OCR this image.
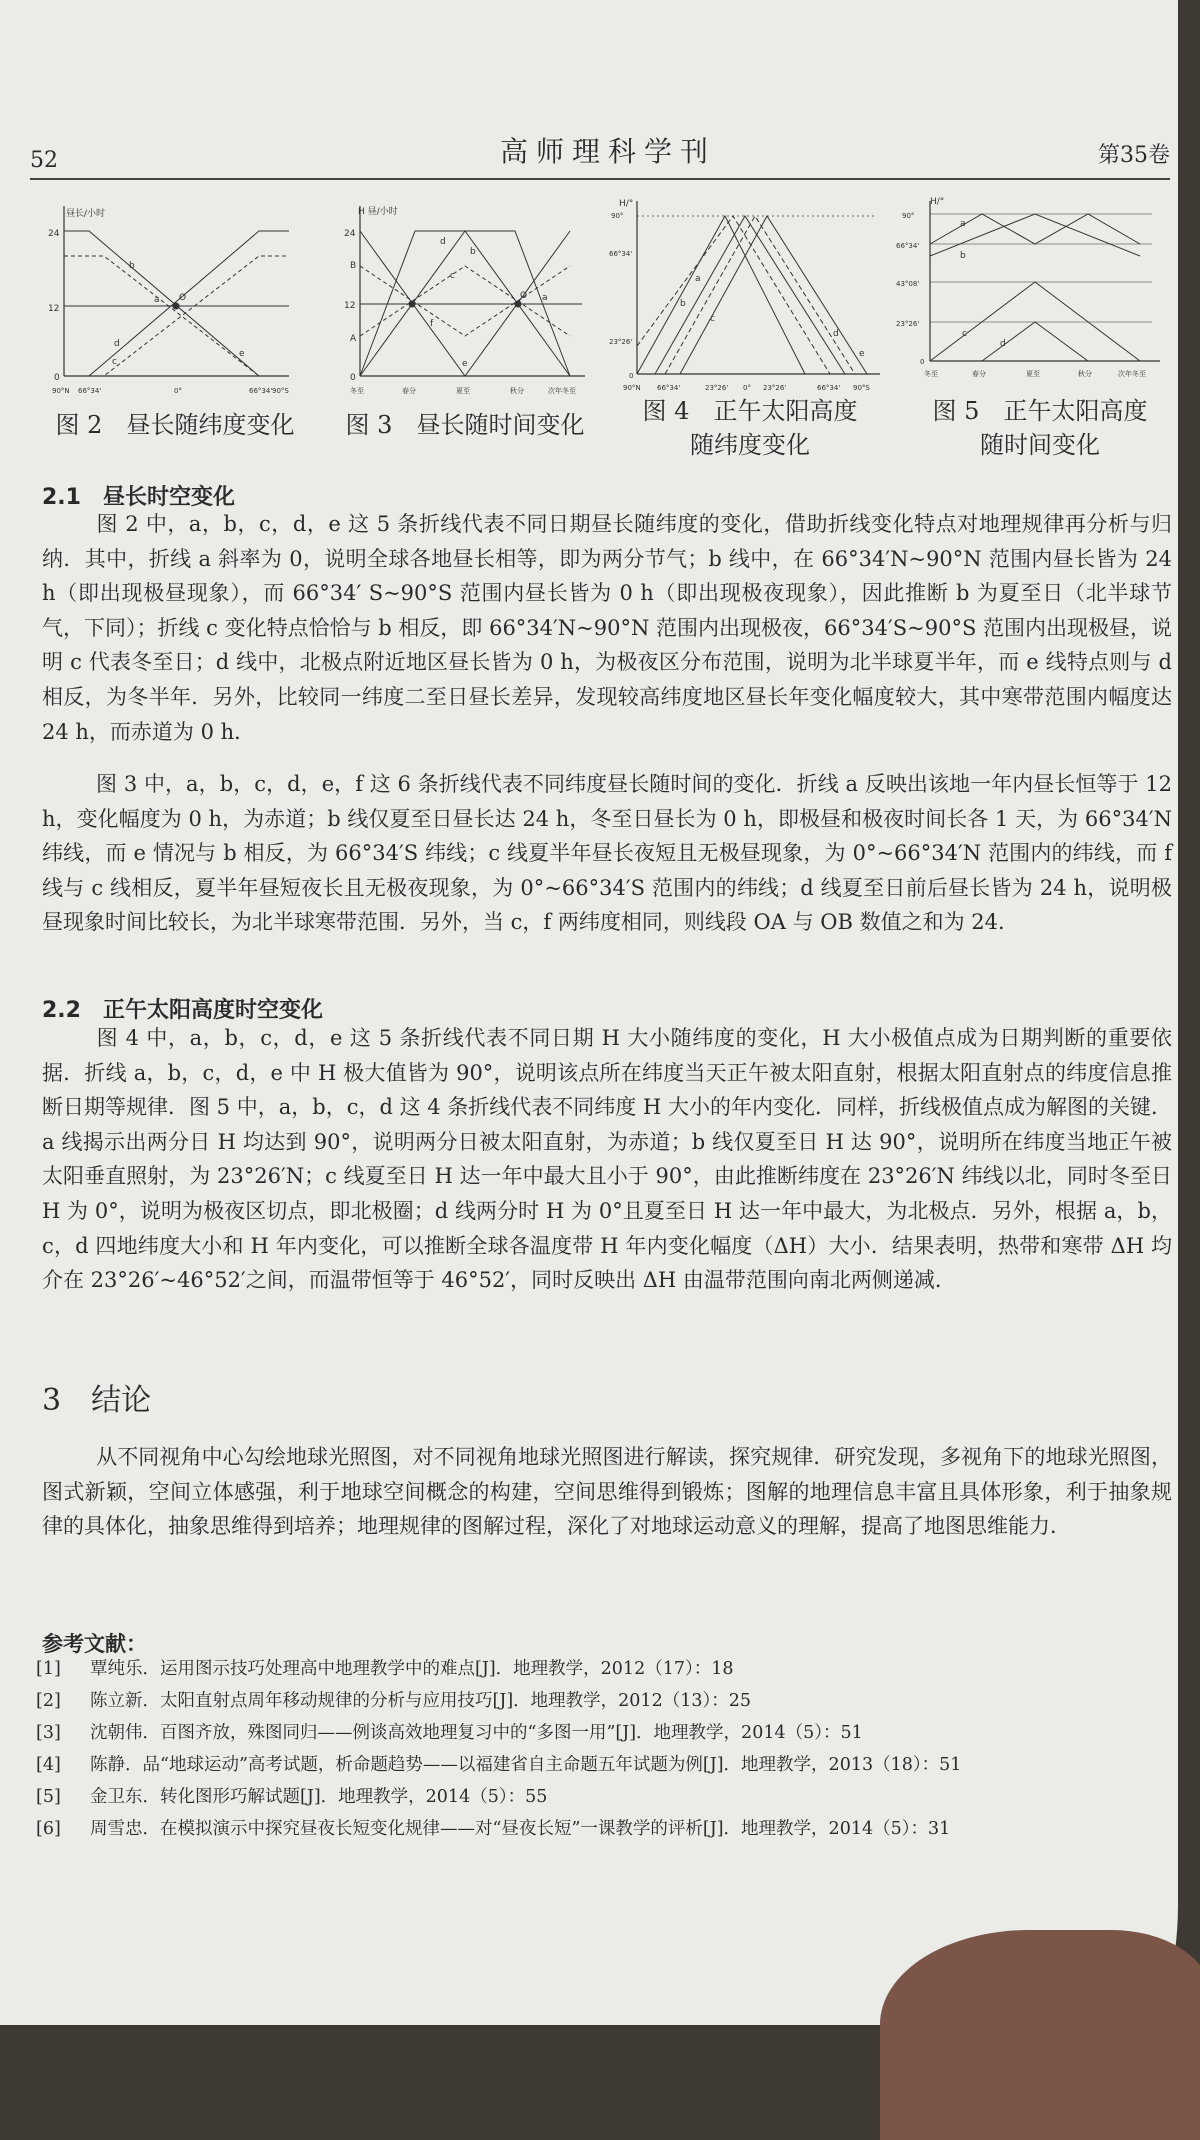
52	高师理科学刊	第35卷
昼长/小时
24
12
0
90°N 66°34'	0°	66°34' 90°S
O
a
b
c
d
e
图 2　昼长随纬度变化
H 昼/小时
24
B
12
A
0
冬至	春分	夏至	秋分	次年冬至
O a
b
c
d
e
f
图 3　昼长随时间变化
H/°
90°
66°34'
23°26'
0
90°N 66°34'	23°26' 0° 23°26'	66°34' 90°S
a
b
c
d
e
图 4　正午太阳高度
随纬度变化
H/°
90°
66°34'
43°08'
23°26'
0
冬至	春分	夏至	秋分	次年冬至
a
b
c
d
图 5　正午太阳高度
随时间变化
2.1　昼长时空变化
图 2 中，a，b，c，d，e 这 5 条折线代表不同日期昼长随纬度的变化，借助折线变化特点对地理规律再分析与归纳．其中，折线 a 斜率为 0，说明全球各地昼长相等，即为两分节气；b 线中，在 66°34′N~90°N 范围内昼长皆为 24 h（即出现极昼现象），而 66°34′ S~90°S 范围内昼长皆为 0 h（即出现极夜现象），因此推断 b 为夏至日（北半球节气，下同）；折线 c 变化特点恰恰与 b 相反，即 66°34′N~90°N 范围内出现极夜，66°34′S~90°S 范围内出现极昼，说明 c 代表冬至日；d 线中，北极点附近地区昼长皆为 0 h，为极夜区分布范围，说明为北半球夏半年，而 e 线特点则与 d 相反，为冬半年．另外，比较同一纬度二至日昼长差异，发现较高纬度地区昼长年变化幅度较大，其中寒带范围内幅度达 24 h，而赤道为 0 h．
图 3 中，a，b，c，d，e，f 这 6 条折线代表不同纬度昼长随时间的变化．折线 a 反映出该地一年内昼长恒等于 12 h，变化幅度为 0 h，为赤道；b 线仅夏至日昼长达 24 h，冬至日昼长为 0 h，即极昼和极夜时间长各 1 天，为 66°34′N 纬线，而 e 情况与 b 相反，为 66°34′S 纬线；c 线夏半年昼长夜短且无极昼现象，为 0°~66°34′N 范围内的纬线，而 f 线与 c 线相反，夏半年昼短夜长且无极夜现象，为 0°~66°34′S 范围内的纬线；d 线夏至日前后昼长皆为 24 h，说明极昼现象时间比较长，为北半球寒带范围．另外，当 c，f 两纬度相同，则线段 OA 与 OB 数值之和为 24．
2.2　正午太阳高度时空变化
图 4 中，a，b，c，d，e 这 5 条折线代表不同日期 H 大小随纬度的变化，H 大小极值点成为日期判断的重要依据．折线 a，b，c，d，e 中 H 极大值皆为 90°，说明该点所在纬度当天正午被太阳直射，根据太阳直射点的纬度信息推断日期等规律．图 5 中，a，b，c，d 这 4 条折线代表不同纬度 H 大小的年内变化．同样，折线极值点成为解图的关键．a 线揭示出两分日 H 均达到 90°，说明两分日被太阳直射，为赤道；b 线仅夏至日 H 达 90°，说明所在纬度当地正午被太阳垂直照射，为 23°26′N；c 线夏至日 H 达一年中最大且小于 90°，由此推断纬度在 23°26′N 纬线以北，同时冬至日 H 为 0°，说明为极夜区切点，即北极圈；d 线两分时 H 为 0°且夏至日 H 达一年中最大，为北极点．另外，根据 a，b，c，d 四地纬度大小和 H 年内变化，可以推断全球各温度带 H 年内变化幅度（ΔH）大小．结果表明，热带和寒带 ΔH 均介在 23°26′~46°52′之间，而温带恒等于 46°52′，同时反映出 ΔH 由温带范围向南北两侧递减．
3　结论
从不同视角中心勾绘地球光照图，对不同视角地球光照图进行解读，探究规律．研究发现，多视角下的地球光照图，图式新颖，空间立体感强，利于地球空间概念的构建，空间思维得到锻炼；图解的地理信息丰富且具体形象，利于抽象规律的具体化，抽象思维得到培养；地理规律的图解过程，深化了对地球运动意义的理解，提高了地图思维能力．
参考文献：
[1] 覃纯乐．运用图示技巧处理高中地理教学中的难点[J]．地理教学，2012（17）：18
[2] 陈立新．太阳直射点周年移动规律的分析与应用技巧[J]．地理教学，2012（13）：25
[3] 沈朝伟．百图齐放，殊图同归——例谈高效地理复习中的“多图一用”[J]．地理教学，2014（5）：51
[4] 陈静．品“地球运动”高考试题，析命题趋势——以福建省自主命题五年试题为例[J]．地理教学，2013（18）：51
[5] 金卫东．转化图形巧解试题[J]．地理教学，2014（5）：55
[6] 周雪忠．在模拟演示中探究昼夜长短变化规律——对“昼夜长短”一课教学的评析[J]．地理教学，2014（5）：31
